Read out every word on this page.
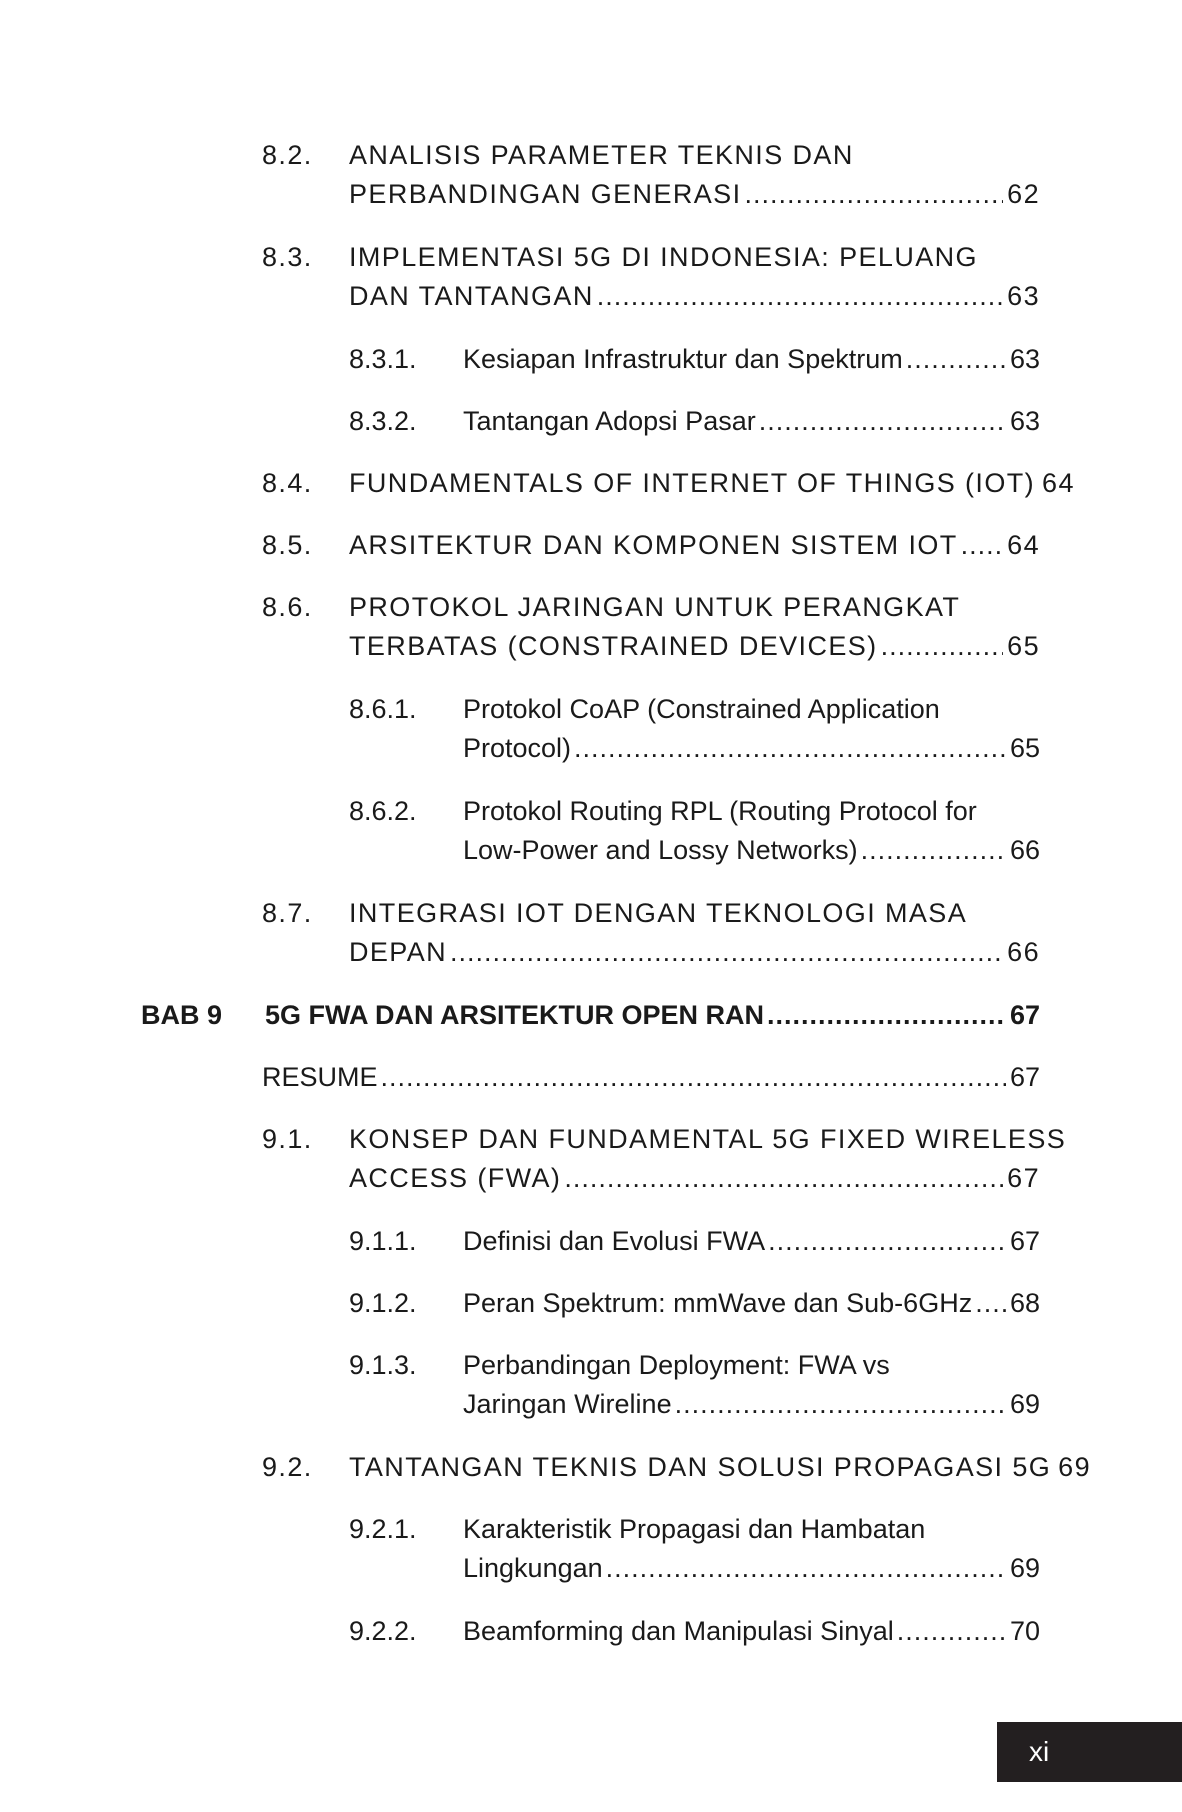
8.2. ANALISIS PARAMETER TEKNIS DAN
PERBANDINGAN GENERASI .....	62
8.3. IMPLEMENTASI 5G DI INDONESIA: PELUANG
DAN TANTANGAN .....	63
8.3.1. Kesiapan Infrastruktur dan Spektrum .....	63
8.3.2. Tantangan Adopsi Pasar .....	63
8.4. FUNDAMENTALS OF INTERNET OF THINGS (IOT) 64
8.5. ARSITEKTUR DAN KOMPONEN SISTEM IOT ..... 64
8.6. PROTOKOL JARINGAN UNTUK PERANGKAT
TERBATAS (CONSTRAINED DEVICES) .....	65
8.6.1. Protokol CoAP (Constrained Application
Protocol) .....	65
8.6.2. Protokol Routing RPL (Routing Protocol for
Low-Power and Lossy Networks) .....	66
8.7. INTEGRASI IOT DENGAN TEKNOLOGI MASA
DEPAN .....	66
BAB 9 5G FWA DAN ARSITEKTUR OPEN RAN .....	67
RESUME .....	67
9.1. KONSEP DAN FUNDAMENTAL 5G FIXED WIRELESS
ACCESS (FWA) .....	67
9.1.1. Definisi dan Evolusi FWA .....	67
9.1.2. Peran Spektrum: mmWave dan Sub-6GHz ..... 68
9.1.3. Perbandingan Deployment: FWA vs
Jaringan Wireline .....	69
9.2. TANTANGAN TEKNIS DAN SOLUSI PROPAGASI 5G 69
9.2.1. Karakteristik Propagasi dan Hambatan
Lingkungan .....	69
9.2.2. Beamforming dan Manipulasi Sinyal .....	70
xi
